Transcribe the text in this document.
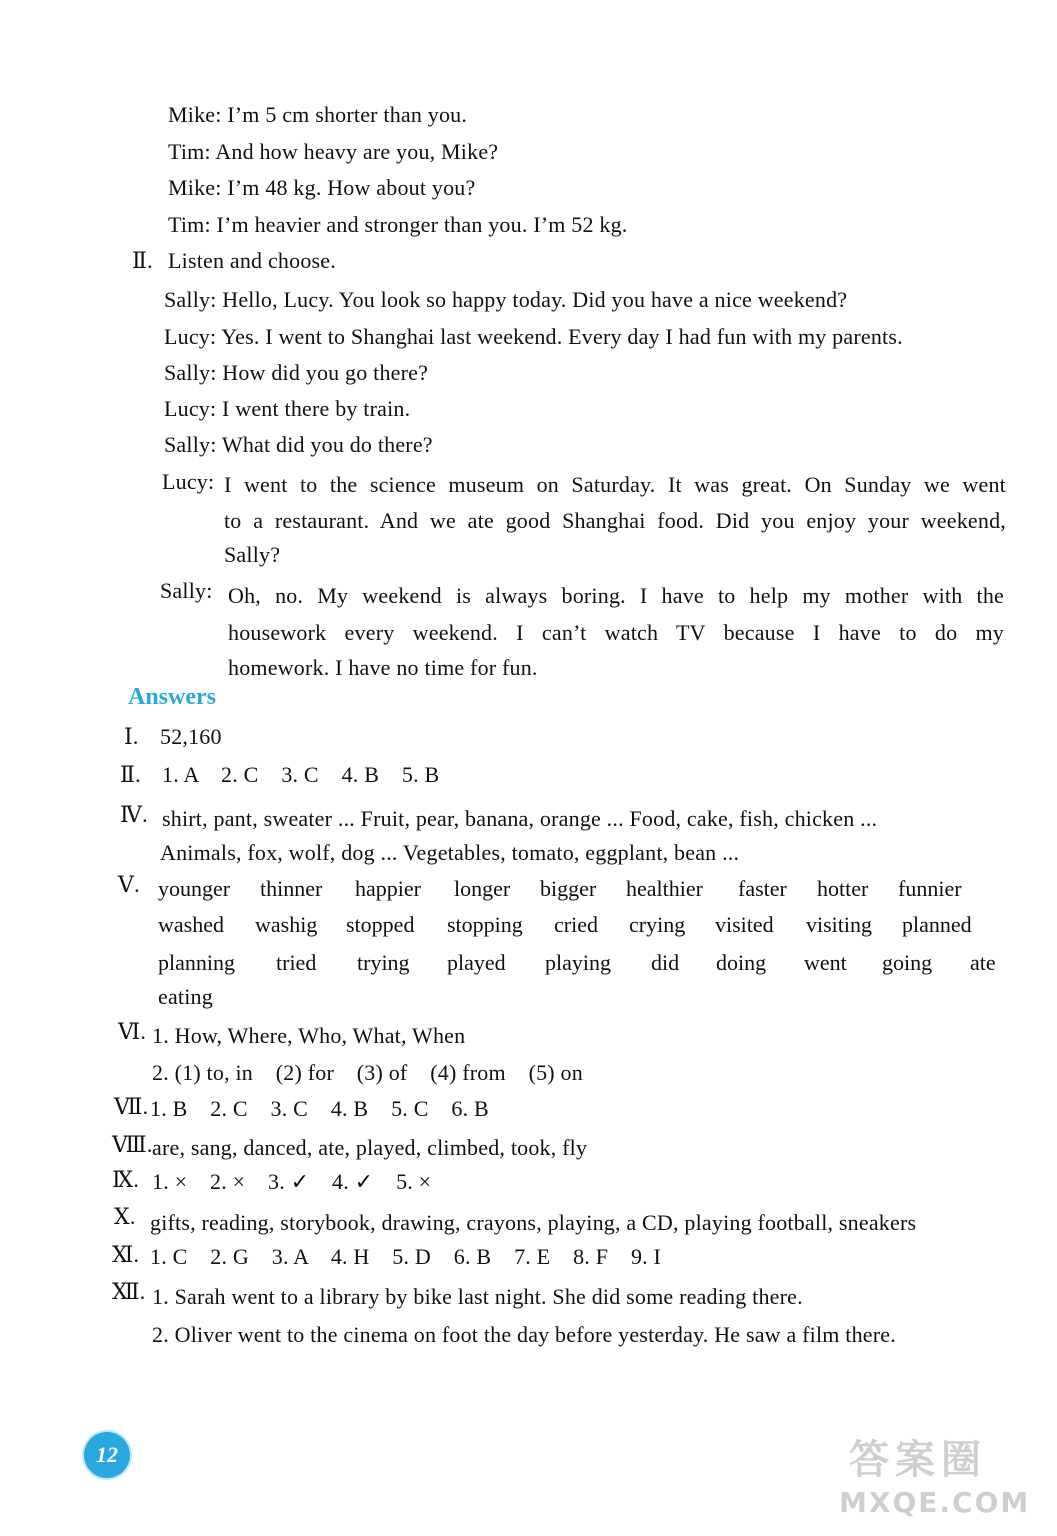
Mike: I’m 5 cm shorter than you.
Tim: And how heavy are you, Mike?
Mike: I’m 48 kg. How about you?
Tim: I’m heavier and stronger than you. I’m 52 kg.
Ⅱ. Listen and choose.
Sally: Hello, Lucy. You look so happy today. Did you have a nice weekend?
Lucy: Yes. I went to Shanghai last weekend. Every day I had fun with my parents.
Sally: How did you go there?
Lucy: I went there by train.
Sally: What did you do there?
Lucy: I went to the science museum on Saturday. It was great. On Sunday we went
to a restaurant. And we ate good Shanghai food. Did you enjoy your weekend,
Sally?
Sally: Oh, no. My weekend is always boring. I have to help my mother with the
housework every weekend. I can’t watch TV because I have to do my
homework. I have no time for fun.
Answers
Ⅰ. 52,160
Ⅱ. 1. A    2. C    3. C    4. B    5. B
Ⅳ. shirt, pant, sweater ... Fruit, pear, banana, orange ... Food, cake, fish, chicken ...
Animals, fox, wolf, dog ... Vegetables, tomato, eggplant, bean ...
Ⅴ. younger thinner happier longer bigger healthier faster hotter funnier
washed washig stopped stopping cried crying visited visiting planned
planning tried trying played playing did doing went going ate
eating
Ⅵ. 1. How, Where, Who, What, When
2. (1) to, in    (2) for    (3) of    (4) from    (5) on
Ⅶ. 1. B    2. C    3. C    4. B    5. C    6. B
Ⅷ. are, sang, danced, ate, played, climbed, took, fly
Ⅸ. 1. ×    2. ×    3. ✓    4. ✓    5. ×
Ⅹ. gifts, reading, storybook, drawing, crayons, playing, a CD, playing football, sneakers
Ⅺ. 1. C    2. G    3. A    4. H    5. D    6. B    7. E    8. F    9. I
Ⅻ. 1. Sarah went to a library by bike last night. She did some reading there.
2. Oliver went to the cinema on foot the day before yesterday. He saw a film there.
12	答案圈
MXQE.COM
